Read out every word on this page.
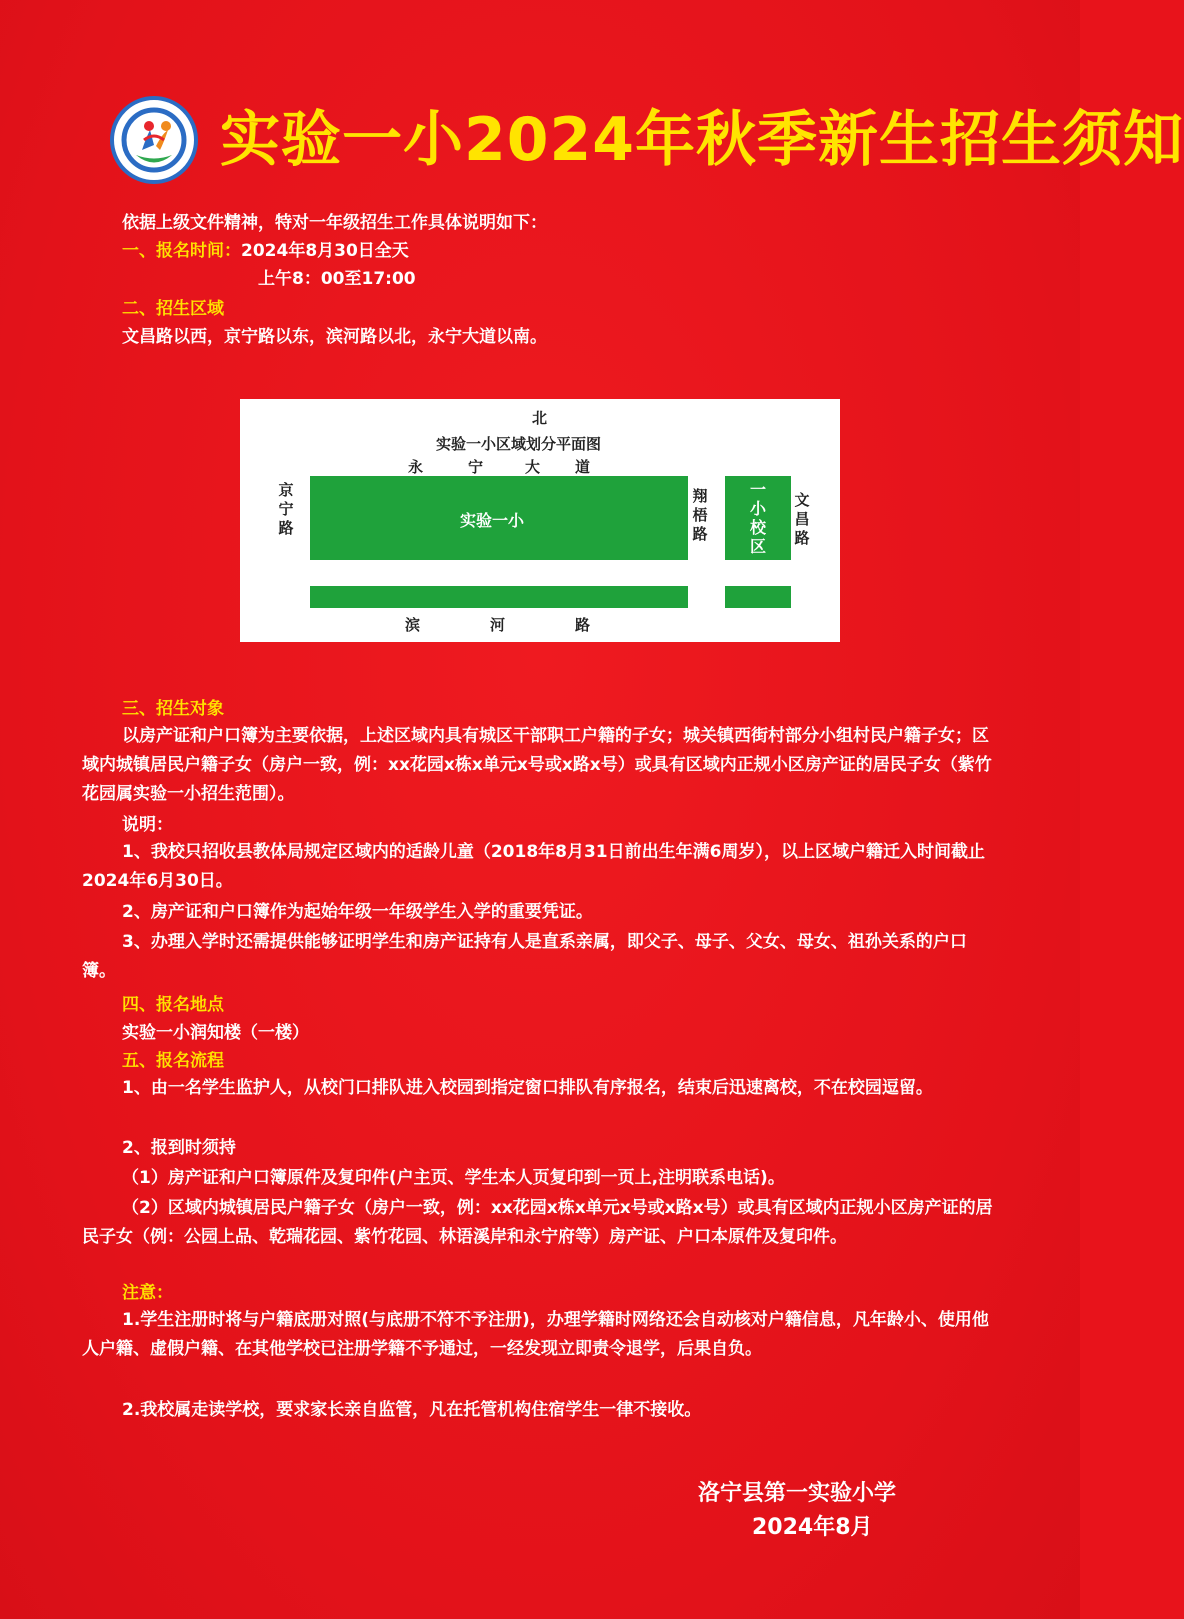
实验一小2024年秋季新生招生须知
依据上级文件精神，特对一年级招生工作具体说明如下：
一、报名时间：2024年8月30日全天
上午8：00至17:00
二、招生区域
文昌路以西，京宁路以东，滨河路以北，永宁大道以南。
北
实验一小区域划分平面图
永	宁	大 道
京宁路	实验一小
翔梧路
一小校区
文昌路
滨	河	路
三、招生对象
以房产证和户口簿为主要依据，上述区域内具有城区干部职工户籍的子女；城关镇西街村部分小组村民户籍子女；区域内城镇居民户籍子女（房户一致，例：xx花园x栋x单元x号或x路x号）或具有区域内正规小区房产证的居民子女（紫竹花园属实验一小招生范围）。
说明：
1、我校只招收县教体局规定区域内的适龄儿童（2018年8月31日前出生年满6周岁），以上区域户籍迁入时间截止2024年6月30日。
2、房产证和户口簿作为起始年级一年级学生入学的重要凭证。
3、办理入学时还需提供能够证明学生和房产证持有人是直系亲属，即父子、母子、父女、母女、祖孙关系的户口簿。
四、报名地点
实验一小润知楼（一楼）
五、报名流程
1、由一名学生监护人，从校门口排队进入校园到指定窗口排队有序报名，结束后迅速离校，不在校园逗留。
2、报到时须持
（1）房产证和户口簿原件及复印件(户主页、学生本人页复印到一页上,注明联系电话)。
（2）区域内城镇居民户籍子女（房户一致，例：xx花园x栋x单元x号或x路x号）或具有区域内正规小区房产证的居民子女（例：公园上品、乾瑞花园、紫竹花园、林语溪岸和永宁府等）房产证、户口本原件及复印件。
注意：
1.学生注册时将与户籍底册对照(与底册不符不予注册)，办理学籍时网络还会自动核对户籍信息，凡年龄小、使用他人户籍、虚假户籍、在其他学校已注册学籍不予通过，一经发现立即责令退学，后果自负。
2.我校属走读学校，要求家长亲自监管，凡在托管机构住宿学生一律不接收。
洛宁县第一实验小学
2024年8月
